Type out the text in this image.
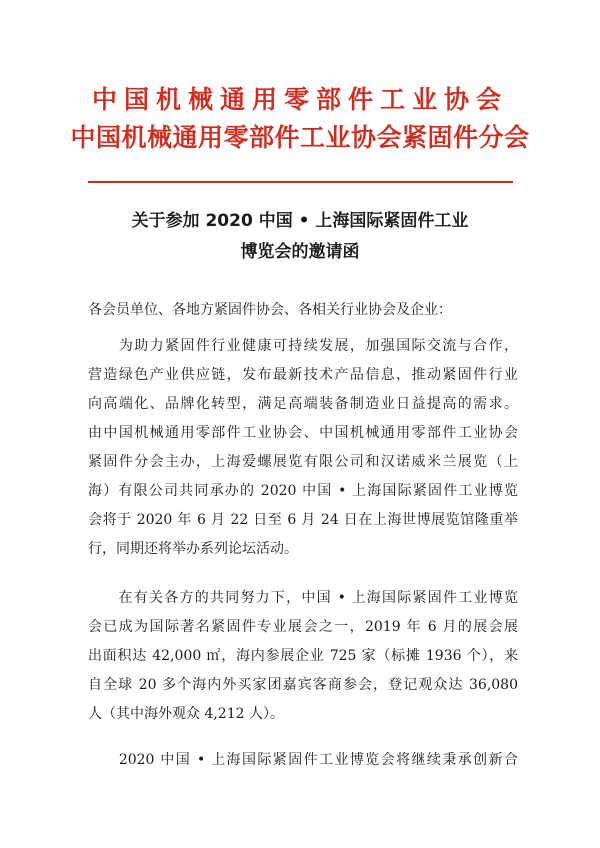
中国机械通用零部件工业协会
中国机械通用零部件工业协会紧固件分会
关于参加 2020 中国 • 上海国际紧固件工业
博览会的邀请函
各会员单位、各地方紧固件协会、各相关行业协会及企业：
　　为助力紧固件行业健康可持续发展，加强国际交流与合作，
营造绿色产业供应链，发布最新技术产品信息，推动紧固件行业
向高端化、品牌化转型，满足高端装备制造业日益提高的需求。
由中国机械通用零部件工业协会、中国机械通用零部件工业协会
紧固件分会主办，上海爱螺展览有限公司和汉诺威米兰展览（上
海）有限公司共同承办的 2020 中国 • 上海国际紧固件工业博览
会将于 2020 年 6 月 22 日至 6 月 24 日在上海世博展览馆隆重举
行，同期还将举办系列论坛活动。
　　在有关各方的共同努力下，中国 • 上海国际紧固件工业博览
会已成为国际著名紧固件专业展会之一，2019 年 6 月的展会展
出面积达 42,000 ㎡，海内参展企业 725 家（标摊 1936 个），来
自全球 20 多个海内外买家团嘉宾客商参会，登记观众达 36,080
人（其中海外观众 4,212 人）。
　　2020 中国 • 上海国际紧固件工业博览会将继续秉承创新合
